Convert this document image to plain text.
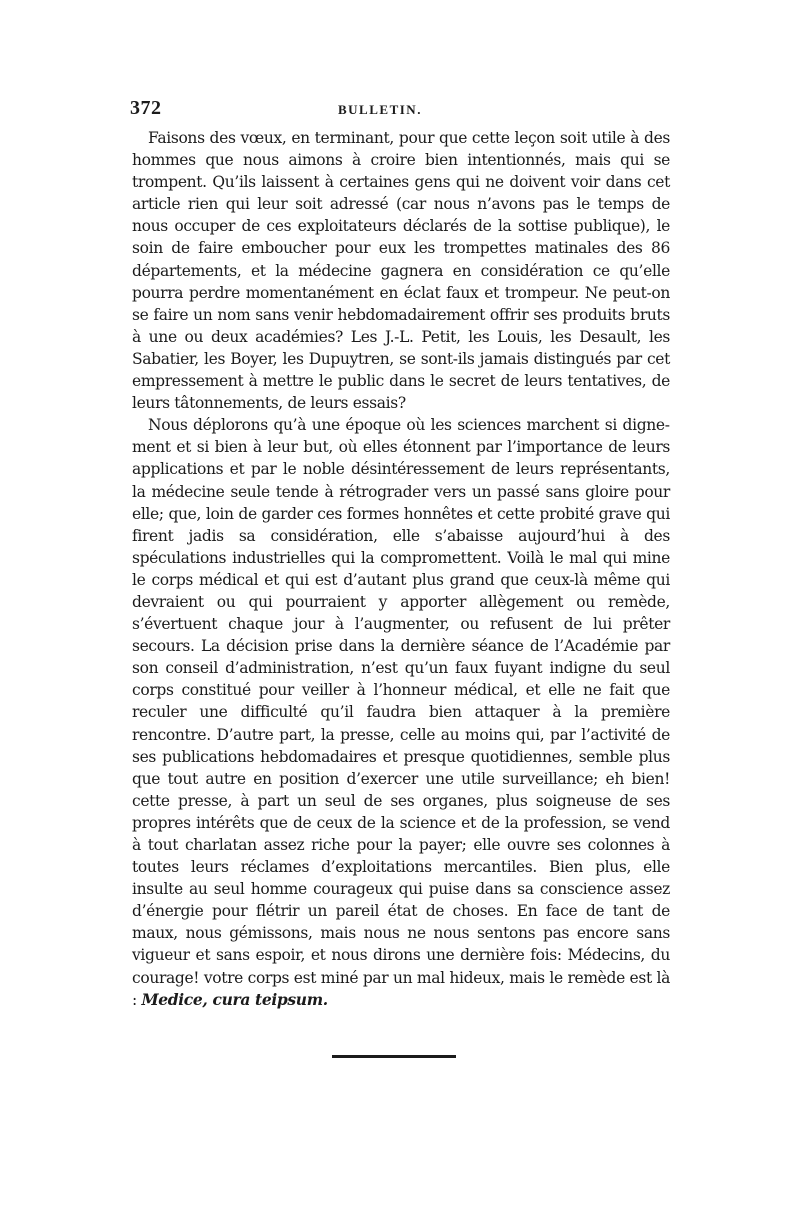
372	BULLETIN.

Faisons des vœux, en terminant, pour que cette leçon soit utile à des hommes que nous aimons à croire bien intentionnés, mais qui se trompent. Qu’ils laissent à certaines gens qui ne doivent voir dans cet article rien qui leur soit adressé (car nous n’avons pas le temps de nous occuper de ces exploitateurs déclarés de la sottise publique), le soin de faire emboucher pour eux les trompettes matinales des 86 départements, et la médecine gagnera en considération ce qu’elle pourra perdre momentanément en éclat faux et trompeur. Ne peut-on se faire un nom sans venir hebdomadairement offrir ses produits bruts à une ou deux académies? Les J.-L. Petit, les Louis, les Desault, les Sabatier, les Boyer, les Dupuytren, se sont-ils jamais distingués par cet empressement à mettre le public dans le secret de leurs tentatives, de leurs tâtonnements, de leurs essais?

Nous déplorons qu’à une époque où les sciences marchent si dignement et si bien à leur but, où elles étonnent par l’importance de leurs applications et par le noble désintéressement de leurs représentants, la médecine seule tende à rétrograder vers un passé sans gloire pour elle; que, loin de garder ces formes honnêtes et cette probité grave qui firent jadis sa considération, elle s’abaisse aujourd’hui à des spéculations industrielles qui la compromettent. Voilà le mal qui mine le corps médical et qui est d’autant plus grand que ceux-là même qui devraient ou qui pourraient y apporter allègement ou remède, s’évertuent chaque jour à l’augmenter, ou refusent de lui prêter secours. La décision prise dans la dernière séance de l’Académie par son conseil d’administration, n’est qu’un faux fuyant indigne du seul corps constitué pour veiller à l’honneur médical, et elle ne fait que reculer une difficulté qu’il faudra bien attaquer à la première rencontre. D’autre part, la presse, celle au moins qui, par l’activité de ses publications hebdomadaires et presque quotidiennes, semble plus que tout autre en position d’exercer une utile surveillance; eh bien! cette presse, à part un seul de ses organes, plus soigneuse de ses propres intérêts que de ceux de la science et de la profession, se vend à tout charlatan assez riche pour la payer; elle ouvre ses colonnes à toutes leurs réclames d’exploitations mercantiles. Bien plus, elle insulte au seul homme courageux qui puise dans sa conscience assez d’énergie pour flétrir un pareil état de choses. En face de tant de maux, nous gémissons, mais nous ne nous sentons pas encore sans vigueur et sans espoir, et nous dirons une dernière fois: Médecins, du courage! votre corps est miné par un mal hideux, mais le remède est là : Medice, cura teipsum.
